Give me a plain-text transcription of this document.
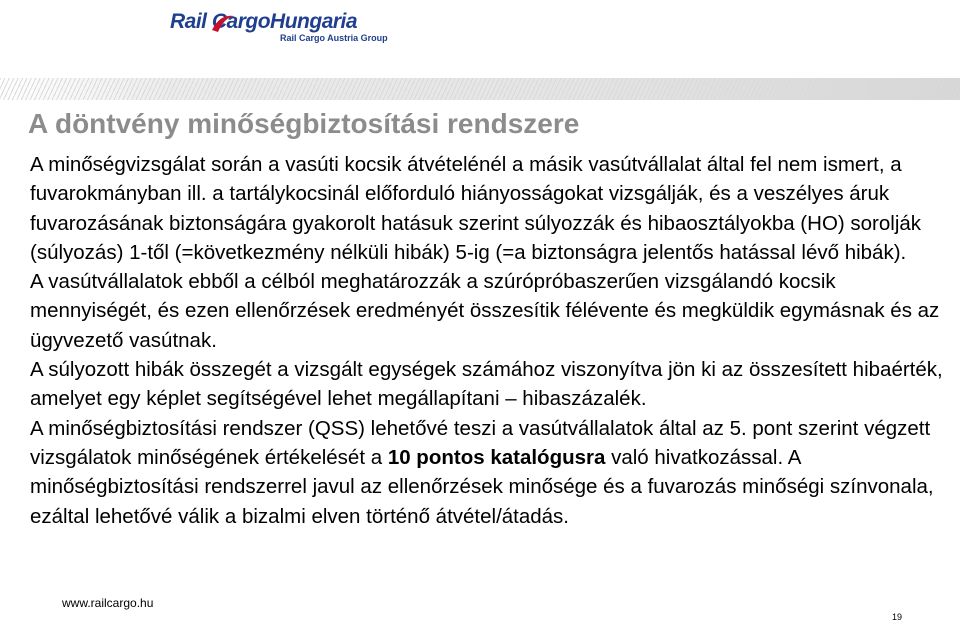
Rail CargoHungaria
Rail Cargo Austria Group
A döntvény minőségbiztosítási rendszere

A minőségvizsgálat során a vasúti kocsik átvételénél a másik vasútvállalat által fel nem ismert, a fuvarokmányban ill. a tartálykocsinál előforduló hiányosságokat vizsgálják, és a veszélyes áruk fuvarozásának biztonságára gyakorolt hatásuk szerint súlyozzák és hibaosztályokba (HO) sorolják (súlyozás) 1-től (=következmény nélküli hibák) 5-ig (=a biztonságra jelentős hatással lévő hibák).

A vasútvállalatok ebből a célból meghatározzák a szúrópróbaszerűen vizsgálandó kocsik mennyiségét, és ezen ellenőrzések eredményét összesítik félévente és megküldik egymásnak és az ügyvezető vasútnak.

A súlyozott hibák összegét a vizsgált egységek számához viszonyítva jön ki az összesített hibaérték, amelyet egy képlet segítségével lehet megállapítani – hibaszázalék.

A minőségbiztosítási rendszer (QSS) lehetővé teszi a vasútvállalatok által az 5. pont szerint végzett vizsgálatok minőségének értékelését a 10 pontos katalógusra való hivatkozással. A minőségbiztosítási rendszerrel javul az ellenőrzések minősége és a fuvarozás minőségi színvonala, ezáltal lehetővé válik a bizalmi elven történő átvétel/átadás.

www.railcargo.hu
19
